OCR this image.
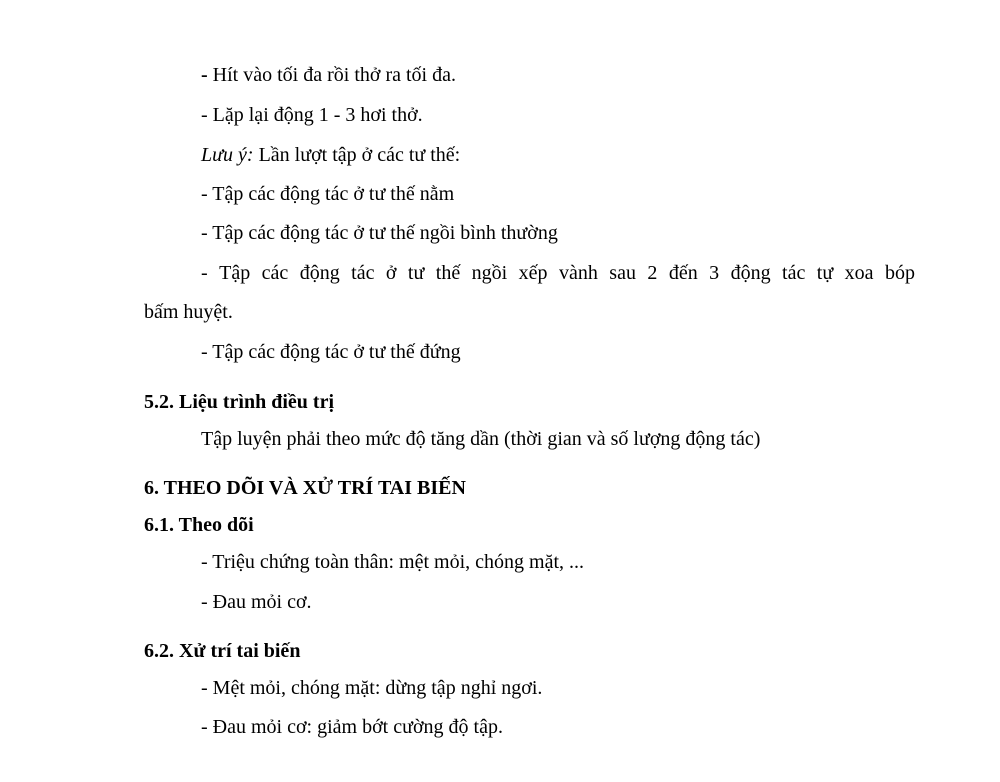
- Hít vào tối đa rồi thở ra tối đa.
- Lặp lại động 1 - 3 hơi thở.
Lưu ý: Lần lượt tập ở các tư thế:
- Tập các động tác ở tư thế nằm
- Tập các động tác ở tư thế ngồi bình thường
- Tập các động tác ở tư thế ngồi xếp vành sau 2 đến 3 động tác tự xoa bóp
bấm huyệt.
- Tập các động tác ở tư thế đứng
5.2. Liệu trình điều trị
Tập luyện phải theo mức độ tăng dần (thời gian và số lượng động tác)
6. THEO DÕI VÀ XỬ TRÍ TAI BIẾN
6.1. Theo dõi
- Triệu chứng toàn thân: mệt mỏi, chóng mặt, ...
- Đau mỏi cơ.
6.2. Xử trí tai biến
- Mệt mỏi, chóng mặt: dừng tập nghỉ ngơi.
- Đau mỏi cơ: giảm bớt cường độ tập.
